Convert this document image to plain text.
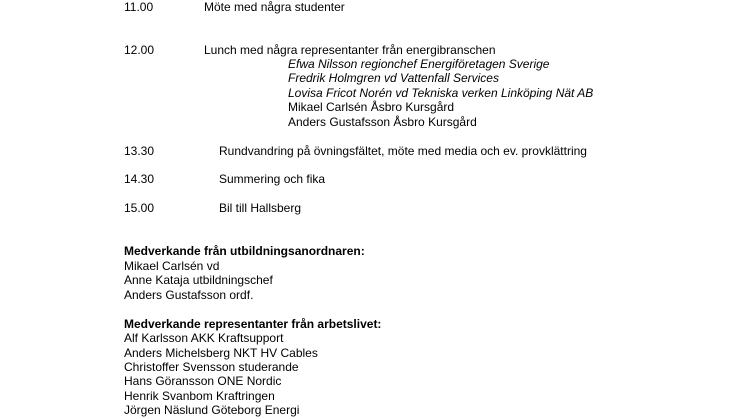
11.00	Möte med några studenter
12.00	Lunch med några representanter från energibranschen
Efwa Nilsson regionchef Energiföretagen Sverige
Fredrik Holmgren vd Vattenfall Services
Lovisa Fricot Norén vd Tekniska verken Linköping Nät AB
Mikael Carlsén Åsbro Kursgård
Anders Gustafsson Åsbro Kursgård
13.30	Rundvandring på övningsfältet, möte med media och ev. provklättring
14.30	Summering och fika
15.00	Bil till Hallsberg
Medverkande från utbildningsanordnaren:
Mikael Carlsén vd
Anne Kataja utbildningschef
Anders Gustafsson ordf.
Medverkande representanter från arbetslivet:
Alf Karlsson AKK Kraftsupport
Anders Michelsberg NKT HV Cables
Christoffer Svensson studerande
Hans Göransson ONE Nordic
Henrik Svanbom Kraftringen
Jörgen Näslund Göteborg Energi
